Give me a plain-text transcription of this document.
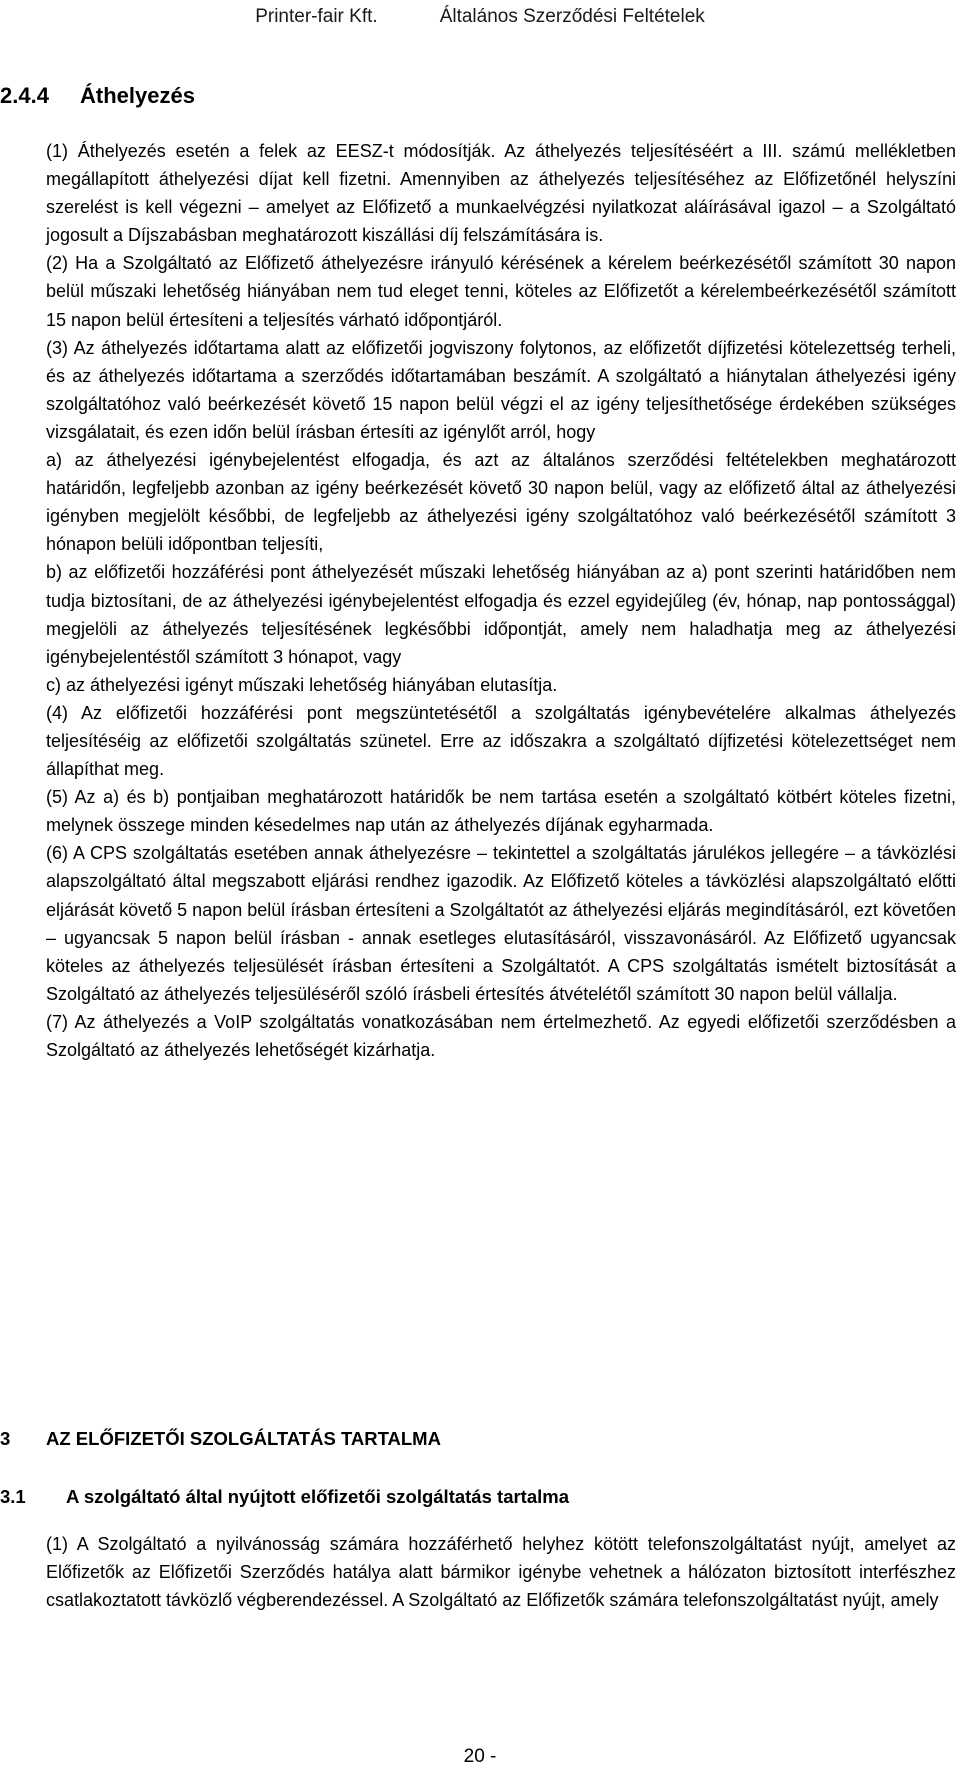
Printer-fair Kft.	Általános Szerződési Feltételek
2.4.4 Áthelyezés

(1) Áthelyezés esetén a felek az EESZ-t módosítják. Az áthelyezés teljesítéséért a III. számú mellékletben megállapított áthelyezési díjat kell fizetni. Amennyiben az áthelyezés teljesítéséhez az Előfizetőnél helyszíni szerelést is kell végezni – amelyet az Előfizető a munkaelvégzési nyilatkozat aláírásával igazol – a Szolgáltató jogosult a Díjszabásban meghatározott kiszállási díj felszámítására is.

(2) Ha a Szolgáltató az Előfizető áthelyezésre irányuló kérésének a kérelem beérkezésétől számított 30 napon belül műszaki lehetőség hiányában nem tud eleget tenni, köteles az Előfizetőt a kérelembeérkezésétől számított 15 napon belül értesíteni a teljesítés várható időpontjáról.

(3) Az áthelyezés időtartama alatt az előfizetői jogviszony folytonos, az előfizetőt díjfizetési kötelezettség terheli, és az áthelyezés időtartama a szerződés időtartamában beszámít. A szolgáltató a hiánytalan áthelyezési igény szolgáltatóhoz való beérkezését követő 15 napon belül végzi el az igény teljesíthetősége érdekében szükséges vizsgálatait, és ezen időn belül írásban értesíti az igénylőt arról, hogy

a) az áthelyezési igénybejelentést elfogadja, és azt az általános szerződési feltételekben meghatározott határidőn, legfeljebb azonban az igény beérkezését követő 30 napon belül, vagy az előfizető által az áthelyezési igényben megjelölt későbbi, de legfeljebb az áthelyezési igény szolgáltatóhoz való beérkezésétől számított 3 hónapon belüli időpontban teljesíti,

b) az előfizetői hozzáférési pont áthelyezését műszaki lehetőség hiányában az a) pont szerinti határidőben nem tudja biztosítani, de az áthelyezési igénybejelentést elfogadja és ezzel egyidejűleg (év, hónap, nap pontossággal) megjelöli az áthelyezés teljesítésének legkésőbbi időpontját, amely nem haladhatja meg az áthelyezési igénybejelentéstől számított 3 hónapot, vagy

c) az áthelyezési igényt műszaki lehetőség hiányában elutasítja.

(4) Az előfizetői hozzáférési pont megszüntetésétől a szolgáltatás igénybevételére alkalmas áthelyezés teljesítéséig az előfizetői szolgáltatás szünetel. Erre az időszakra a szolgáltató díjfizetési kötelezettséget nem állapíthat meg.

(5) Az a) és b) pontjaiban meghatározott határidők be nem tartása esetén a szolgáltató kötbért köteles fizetni, melynek összege minden késedelmes nap után az áthelyezés díjának egyharmada.

(6) A CPS szolgáltatás esetében annak áthelyezésre – tekintettel a szolgáltatás járulékos jellegére – a távközlési alapszolgáltató által megszabott eljárási rendhez igazodik. Az Előfizető köteles a távközlési alapszolgáltató előtti eljárását követő 5 napon belül írásban értesíteni a Szolgáltatót az áthelyezési eljárás megindításáról, ezt követően – ugyancsak 5 napon belül írásban - annak esetleges elutasításáról, visszavonásáról. Az Előfizető ugyancsak köteles az áthelyezés teljesülését írásban értesíteni a Szolgáltatót. A CPS szolgáltatás ismételt biztosítását a Szolgáltató az áthelyezés teljesüléséről szóló írásbeli értesítés átvételétől számított 30 napon belül vállalja.

(7) Az áthelyezés a VoIP szolgáltatás vonatkozásában nem értelmezhető. Az egyedi előfizetői szerződésben a Szolgáltató az áthelyezés lehetőségét kizárhatja.

3 AZ ELŐFIZETŐI SZOLGÁLTATÁS TARTALMA
3.1 A szolgáltató által nyújtott előfizetői szolgáltatás tartalma

(1) A Szolgáltató a nyilvánosság számára hozzáférhető helyhez kötött telefonszolgáltatást nyújt, amelyet az Előfizetők az Előfizetői Szerződés hatálya alatt bármikor igénybe vehetnek a hálózaton biztosított interfészhez csatlakoztatott távközlő végberendezéssel. A Szolgáltató az Előfizetők számára telefonszolgáltatást nyújt, amely

20 -
